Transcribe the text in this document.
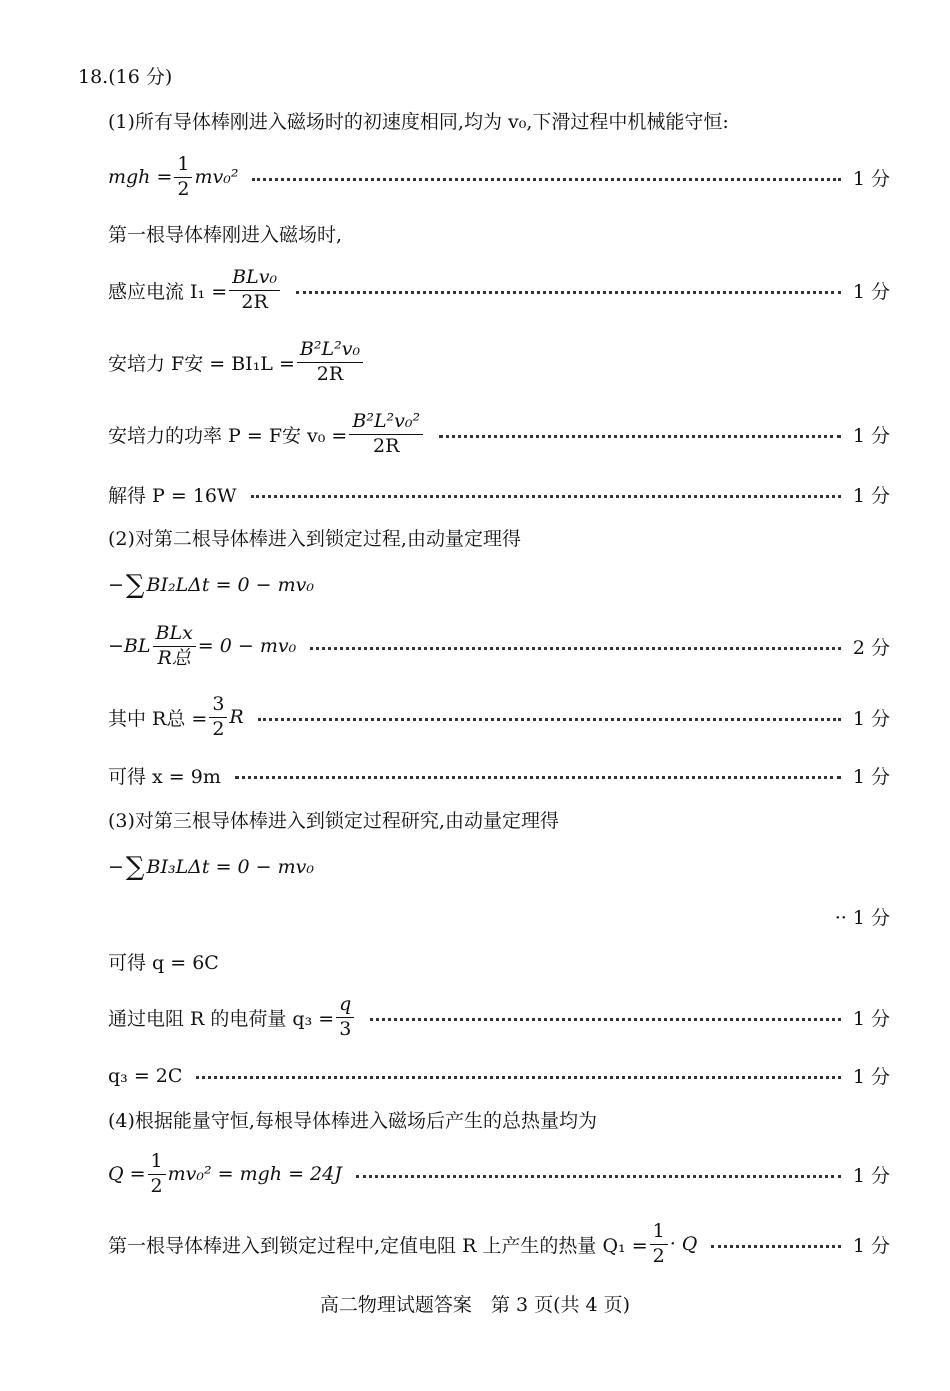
18.(16 分)
(1)所有导体棒刚进入磁场时的初速度相同,均为 v₀,下滑过程中机械能守恒:
mgh = $\frac{1}{2} mv_0^2$	1 分
第一根导体棒刚进入磁场时,
感应电流 $I_1 = \frac{\text{BLv₀}}{2R}$	1 分
安培力 F安 = $BI_1L = \frac{\text{B²L²v₀}}{2R}$
安培力的功率 P = F安 $v_0 = \frac{\text{B²L²v₀²}}{2R}$	1 分
解得 P = 16W	1 分
(2)对第二根导体棒进入到锁定过程,由动量定理得
− ∑ BI₂LΔt = 0 − mv₀
$-BL \frac{\text{BLx}}{\text{R总}} = 0 - mv_0$	2 分
其中 R总 = $\frac{3}{2}$ R	1 分
可得 x = 9m	1 分
(3)对第三根导体棒进入到锁定过程研究,由动量定理得
− ∑ BI₃LΔt = 0 − mv₀
·· 1 分
可得 q = 6C
通过电阻 R 的电荷量 $q_3 = \frac{q}{3}$	1 分
q₃ = 2C	1 分
(4)根据能量守恒,每根导体棒进入磁场后产生的总热量均为
$Q = \frac{1}{2} mv_0^2$ = mgh = 24J	1 分
第一根导体棒进入到锁定过程中,定值电阻 R 上产生的热量 $Q_1 = \frac{1}{2} \cdot Q$	1 分
高二物理试题答案　第 3 页(共 4 页)
